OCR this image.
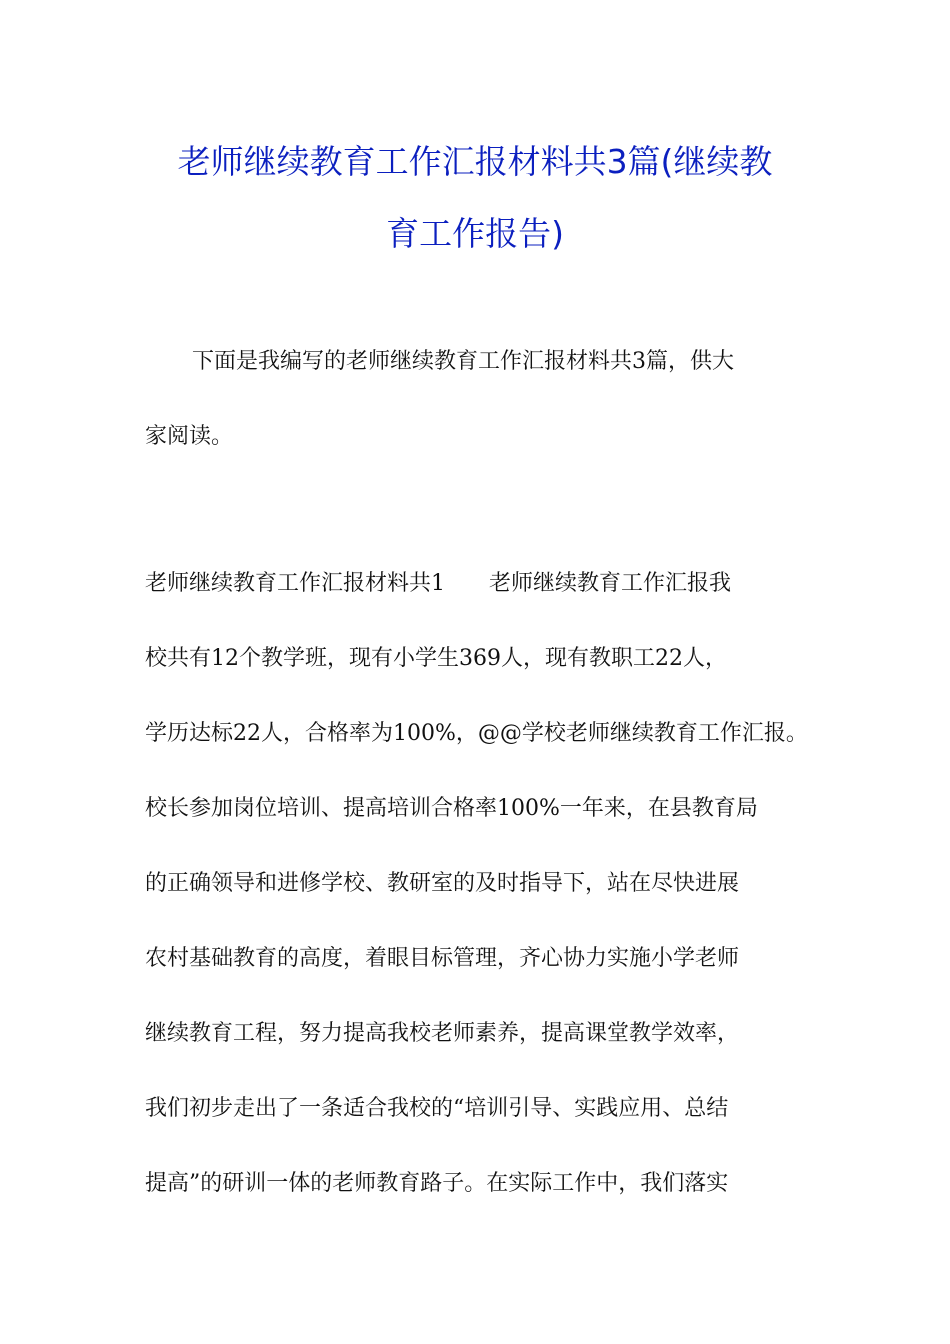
老师继续教育工作汇报材料共3篇(继续教
育工作报告)
下面是我编写的老师继续教育工作汇报材料共3篇，供大
家阅读。
老师继续教育工作汇报材料共1 老师继续教育工作汇报我
校共有12个教学班，现有小学生369人，现有教职工22人，
学历达标22人，合格率为100%，@@学校老师继续教育工作汇报。
校长参加岗位培训、提高培训合格率100%一年来，在县教育局
的正确领导和进修学校、教研室的及时指导下，站在尽快进展
农村基础教育的高度，着眼目标管理，齐心协力实施小学老师
继续教育工程，努力提高我校老师素养，提高课堂教学效率，
我们初步走出了一条适合我校的“培训引导、实践应用、总结
提高”的研训一体的老师教育路子。在实际工作中，我们落实
